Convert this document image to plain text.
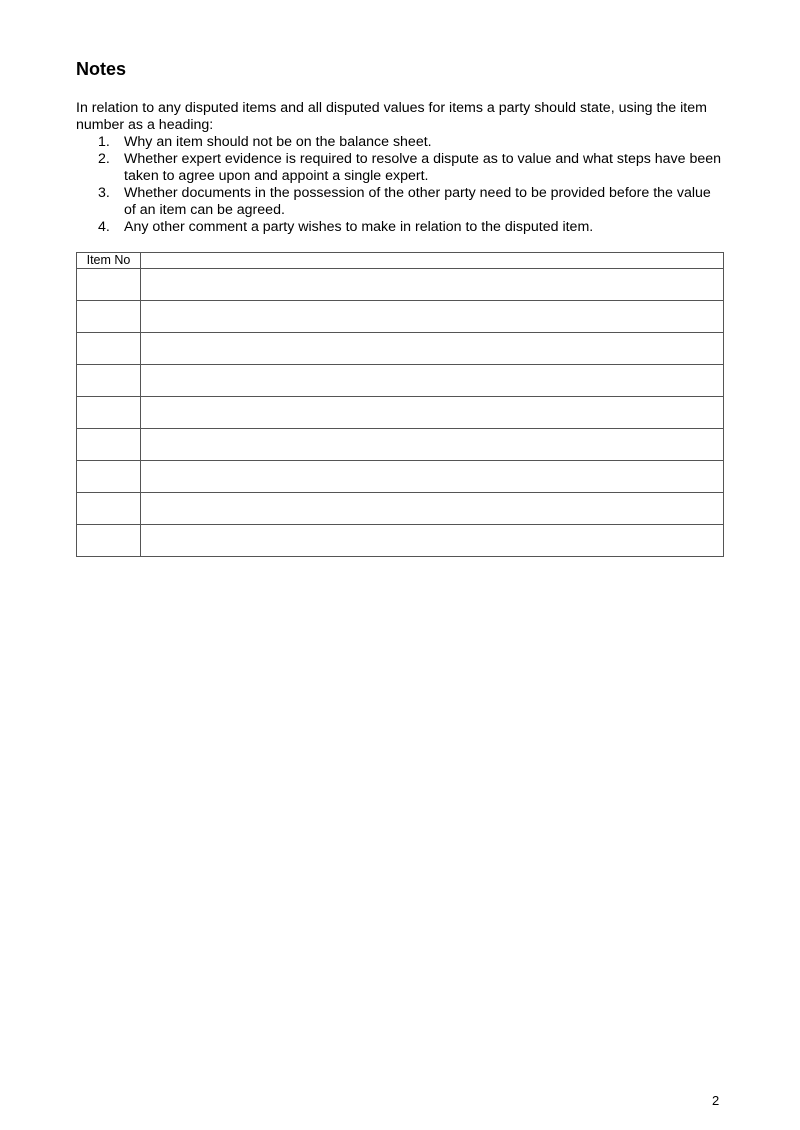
Notes

In relation to any disputed items and all disputed values for items a party should state, using the item number as a heading:

1. Why an item should not be on the balance sheet.
2. Whether expert evidence is required to resolve a dispute as to value and what steps have been taken to agree upon and appoint a single expert.
3. Whether documents in the possession of the other party need to be provided before the value of an item can be agreed.
4. Any other comment a party wishes to make in relation to the disputed item.
Item No	

2
